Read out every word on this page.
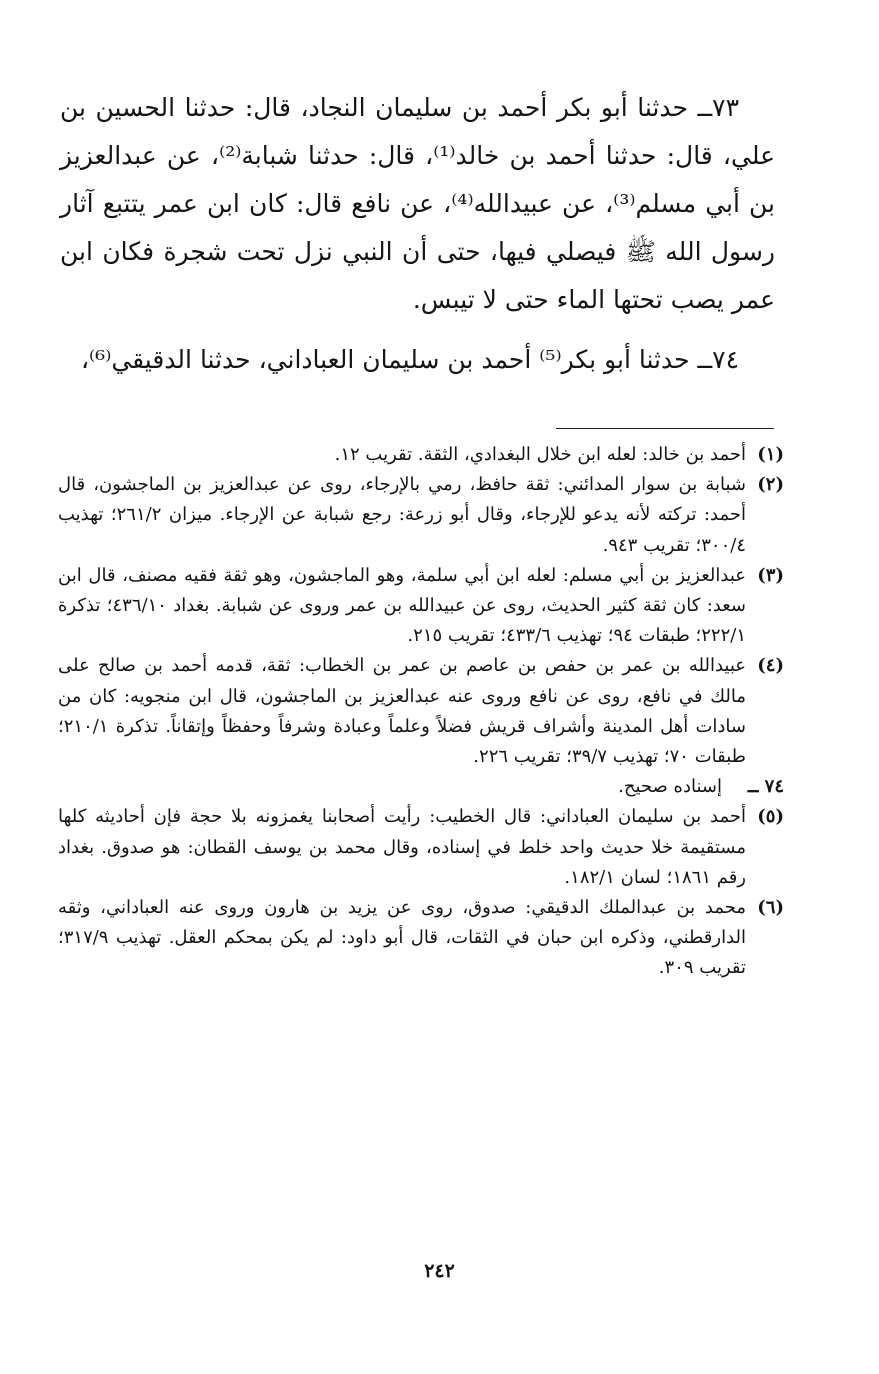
٧٣ــ حدثنا أبو بكر أحمد بن سليمان النجاد، قال: حدثنا الحسين بن علي، قال: حدثنا أحمد بن خالد⁽¹⁾، قال: حدثنا شبابة⁽²⁾، عن عبدالعزيز بن أبي مسلم⁽³⁾، عن عبيدالله⁽⁴⁾، عن نافع قال: كان ابن عمر يتتبع آثار رسول الله ﷺ فيصلي فيها، حتى أن النبي نزل تحت شجرة فكان ابن عمر يصب تحتها الماء حتى لا تيبس.

٧٤ــ حدثنا أبو بكر⁽⁵⁾ أحمد بن سليمان العباداني، حدثنا الدقيقي⁽⁶⁾،

(١)
أحمد بن خالد: لعله ابن خلال البغدادي، الثقة. تقريب ١٢.
(٢)
شبابة بن سوار المدائني: ثقة حافظ، رمي بالإرجاء، روى عن عبدالعزيز بن الماجشون، قال أحمد: تركته لأنه يدعو للإرجاء، وقال أبو زرعة: رجع شبابة عن الإرجاء. ميزان ٢٦١/٢؛ تهذيب ٣٠٠/٤؛ تقريب ٩٤٣.
(٣)
عبدالعزيز بن أبي مسلم: لعله ابن أبي سلمة، وهو الماجشون، وهو ثقة فقيه مصنف، قال ابن سعد: كان ثقة كثير الحديث، روى عن عبيدالله بن عمر وروى عن شبابة. بغداد ٤٣٦/١٠؛ تذكرة ٢٢٢/١؛ طبقات ٩٤؛ تهذيب ٤٣٣/٦؛ تقريب ٢١٥.
(٤)
عبيدالله بن عمر بن حفص بن عاصم بن عمر بن الخطاب: ثقة، قدمه أحمد بن صالح على مالك في نافع، روى عن نافع وروى عنه عبدالعزيز بن الماجشون، قال ابن منجويه: كان من سادات أهل المدينة وأشراف قريش فضلاً وعلماً وعبادة وشرفاً وحفظاً وإتقاناً. تذكرة ٢١٠/١؛ طبقات ٧٠؛ تهذيب ٣٩/٧؛ تقريب ٢٢٦.
٧٤ ــ
إسناده صحيح.
(٥)
أحمد بن سليمان العباداني: قال الخطيب: رأيت أصحابنا يغمزونه بلا حجة فإن أحاديثه كلها مستقيمة خلا حديث واحد خلط في إسناده، وقال محمد بن يوسف القطان: هو صدوق. بغداد رقم ١٨٦١؛ لسان ١٨٢/١.
(٦)
محمد بن عبدالملك الدقيقي: صدوق، روى عن يزيد بن هارون وروى عنه العباداني، وثقه الدارقطني، وذكره ابن حبان في الثقات، قال أبو داود: لم يكن بمحكم العقل. تهذيب ٣١٧/٩؛ تقريب ٣٠٩.
٢٤٢
